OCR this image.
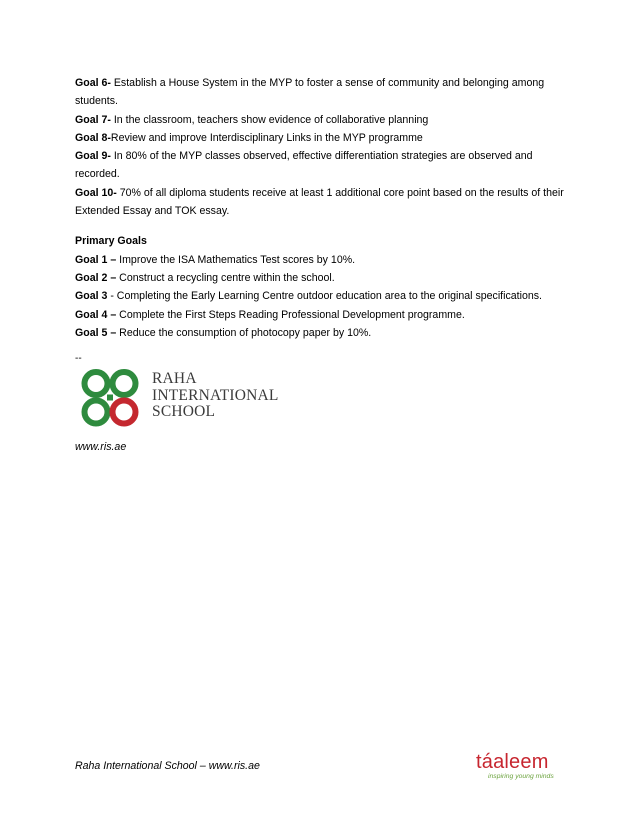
Goal 6- Establish a House System in the MYP to foster a sense of community and belonging among
students.
Goal 7- In the classroom, teachers show evidence of collaborative planning
Goal 8-Review and improve Interdisciplinary Links in the MYP programme
Goal 9- In 80% of the MYP classes observed, effective differentiation strategies are observed and
recorded.
Goal 10- 70% of all diploma students receive at least 1 additional core point based on the results of their
Extended Essay and TOK essay.
Primary Goals
Goal 1 – Improve the ISA Mathematics Test scores by 10%.
Goal 2 – Construct a recycling centre within the school.
Goal 3 - Completing the Early Learning Centre outdoor education area to the original specifications.
Goal 4 – Complete the First Steps Reading Professional Development programme.
Goal 5 – Reduce the consumption of photocopy paper by 10%.
--
RAHA
INTERNATIONAL
SCHOOL
www.ris.ae
Raha International School – www.ris.ae	táaleem
inspiring young minds
